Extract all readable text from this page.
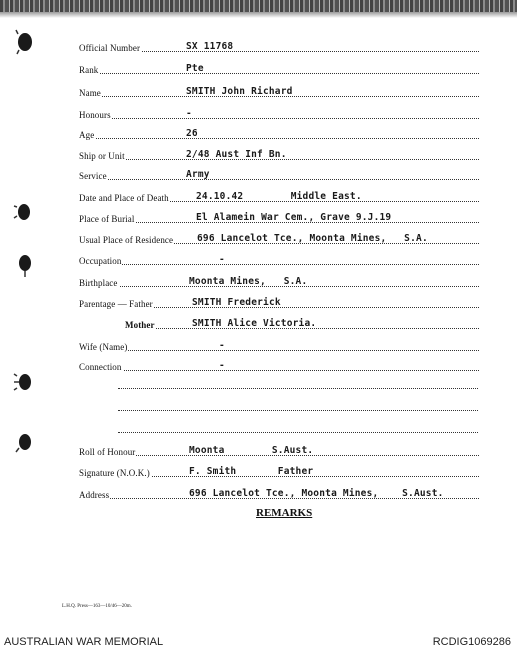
Official Number	SX 11768
Rank	Pte
Name	SMITH John Richard
Honours	-
Age	26
Ship or Unit	2/48 Aust Inf Bn.
Service	Army
Date and Place of Death	24.10.42        Middle East.
Place of Burial	El Alamein War Cem., Grave 9.J.19
Usual Place of Residence	696 Lancelot Tce., Moonta Mines,   S.A.
Occupation	-
Birthplace	Moonta Mines,   S.A.
Parentage — Father	SMITH Frederick
Mother	SMITH Alice Victoria.
Wife (Name)	-
Connection	-
Roll of Honour	Moonta        S.Aust.
Signature (N.O.K.)	F. Smith       Father
Address	696 Lancelot Tce., Moonta Mines,    S.Aust.
REMARKS
L.H.Q. Press—163—10/46—20m.
AUSTRALIAN WAR MEMORIAL	RCDIG1069286
